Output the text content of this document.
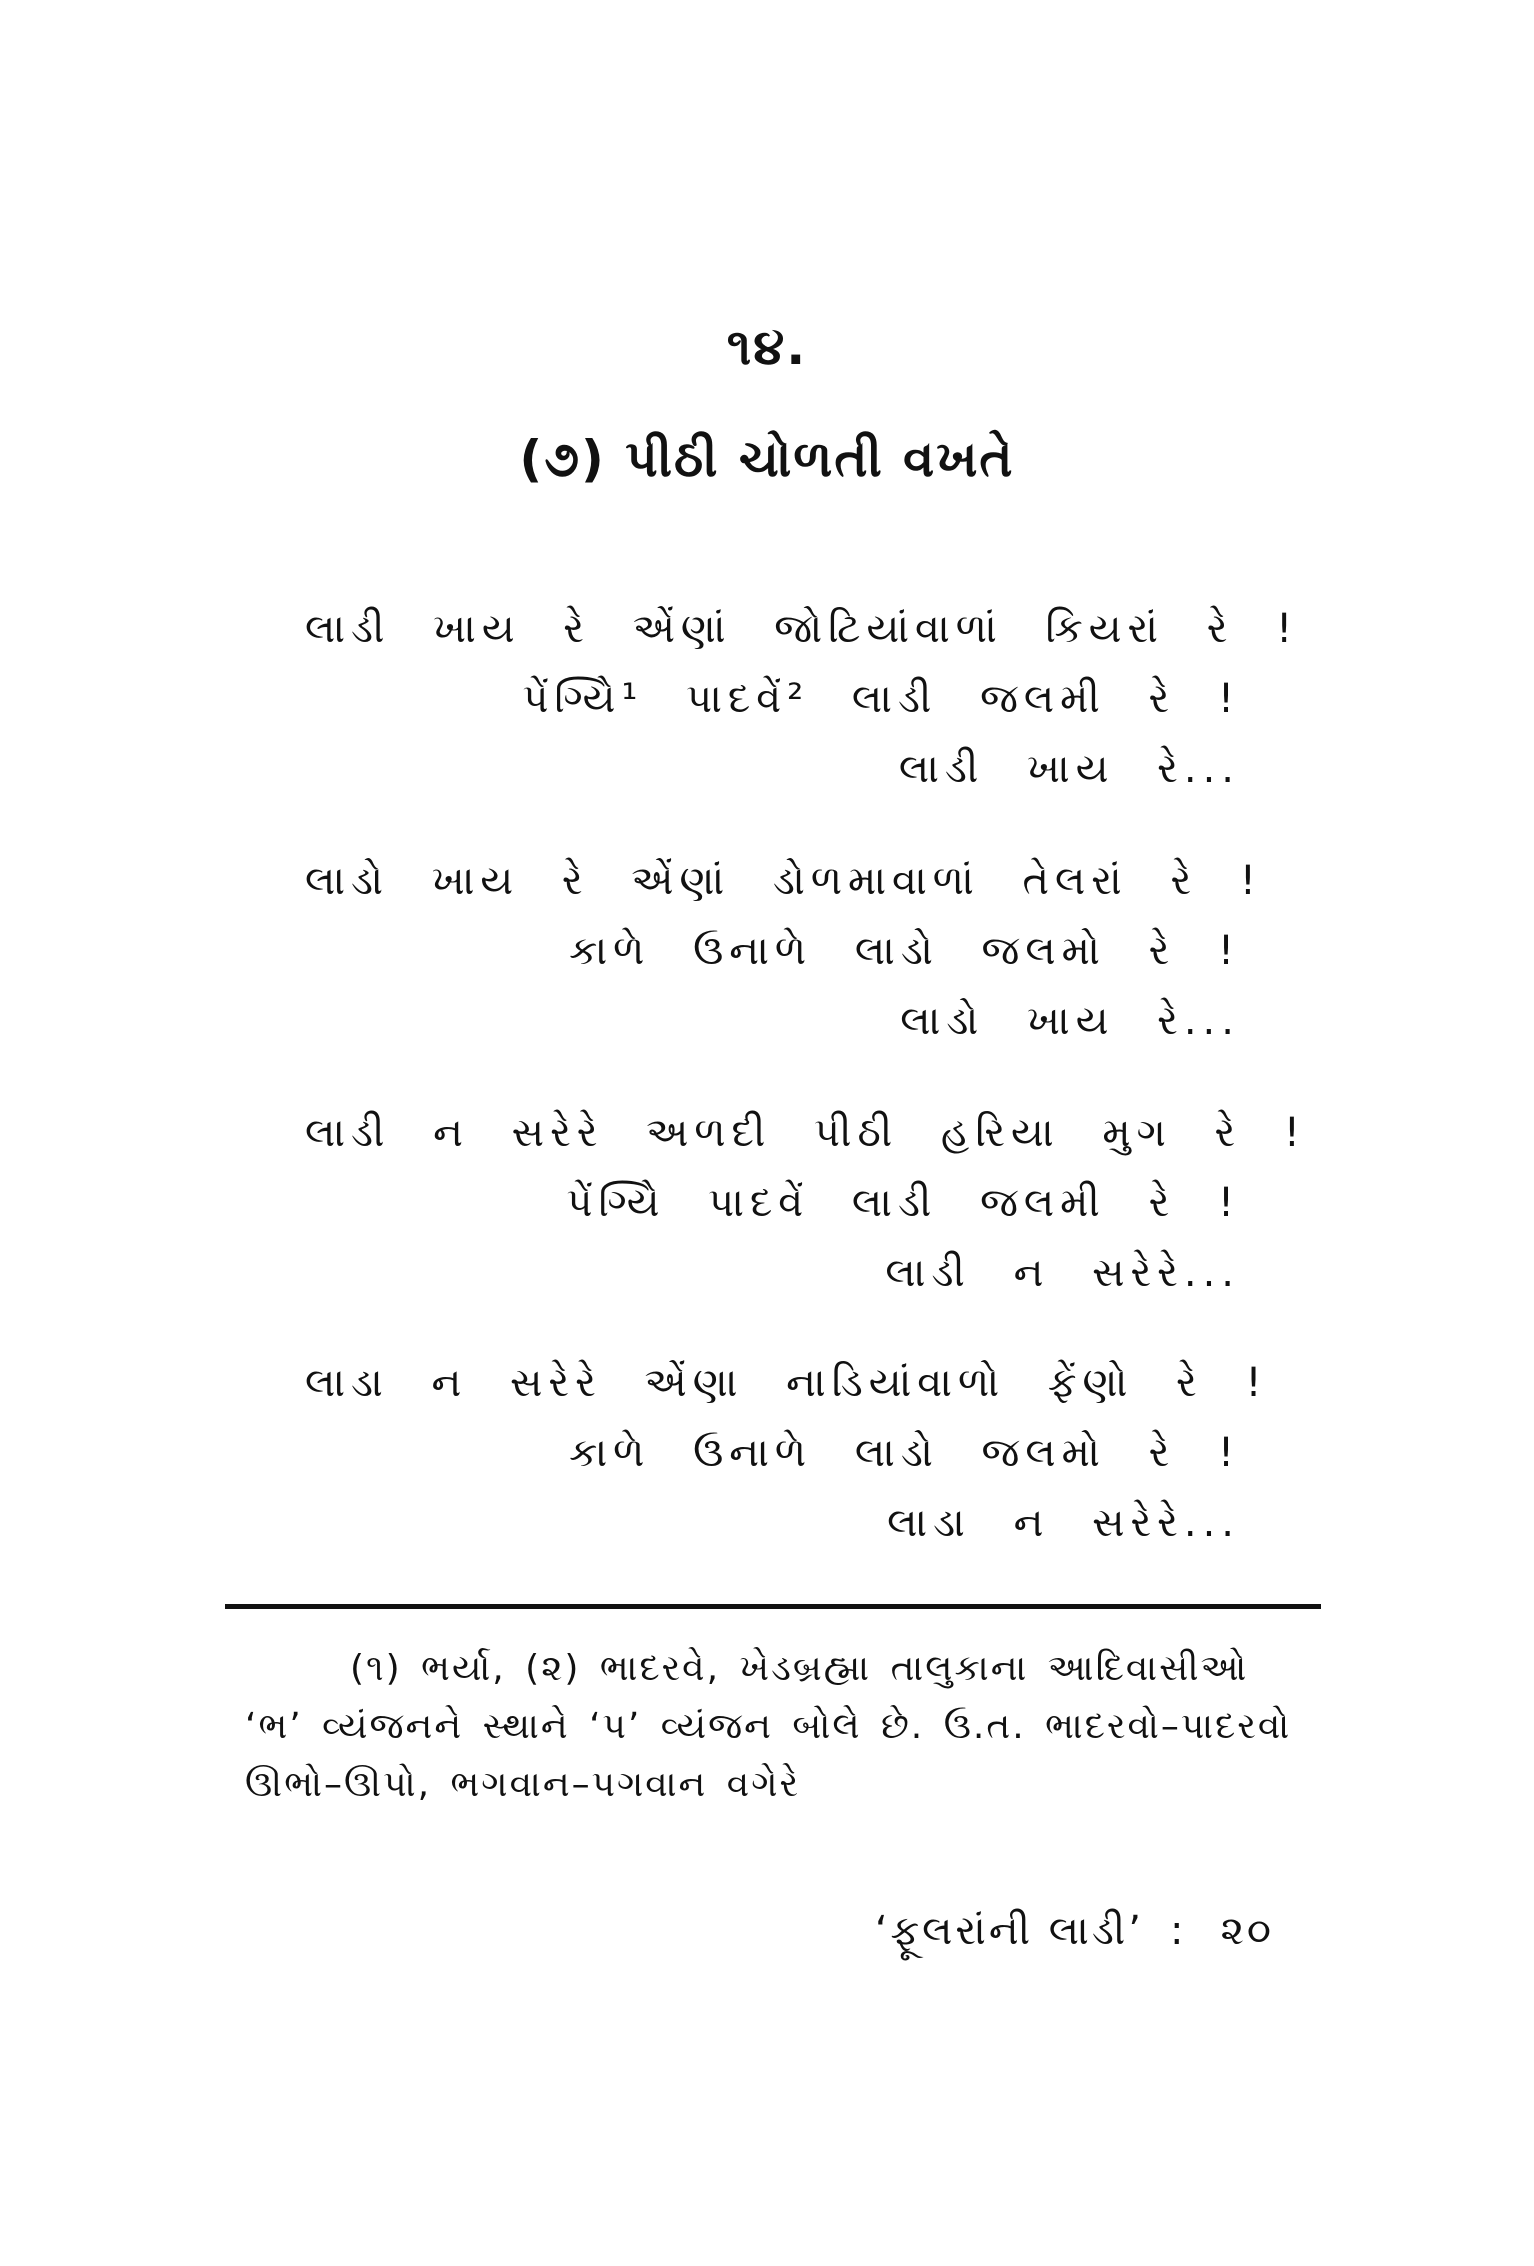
૧૪.
(૭) પીઠી ચોળતી વખતે
લાડી ખાય રે એંણાં જોટિયાંવાળાં કિયરાં રે !
પેંગ્યેિ¹ પાદવેં² લાડી જલમી રે !
લાડી ખાય રે...
લાડો ખાય રે એંણાં ડોળમાવાળાં તેલરાં રે !
કાળે ઉનાળે લાડો જલમો રે !
લાડો ખાય રે...
લાડી ન સરેરે અળદી પીઠી હરિયા મુગ રે !
પેંગ્યિે પાદવેં લાડી જલમી રે !
લાડી ન સરેરે...
લાડા ન સરેરે એંણા નાડિયાંવાળો ફેંણો રે !
કાળે ઉનાળે લાડો જલમો રે !
લાડા ન સરેરે...
(૧) ભર્યા, (૨) ભાદરવે, ખેડબ્રહ્મા તાલુકાના આદિવાસીઓ
‘ભ’ વ્યંજનને સ્થાને ‘પ’ વ્યંજન બોલે છે. ઉ.ત. ભાદરવો–પાદરવો
ઊભો–ઊપો, ભગવાન–પગવાન વગેરે
‘ફૂલરાંની લાડી’ : ૨૦
